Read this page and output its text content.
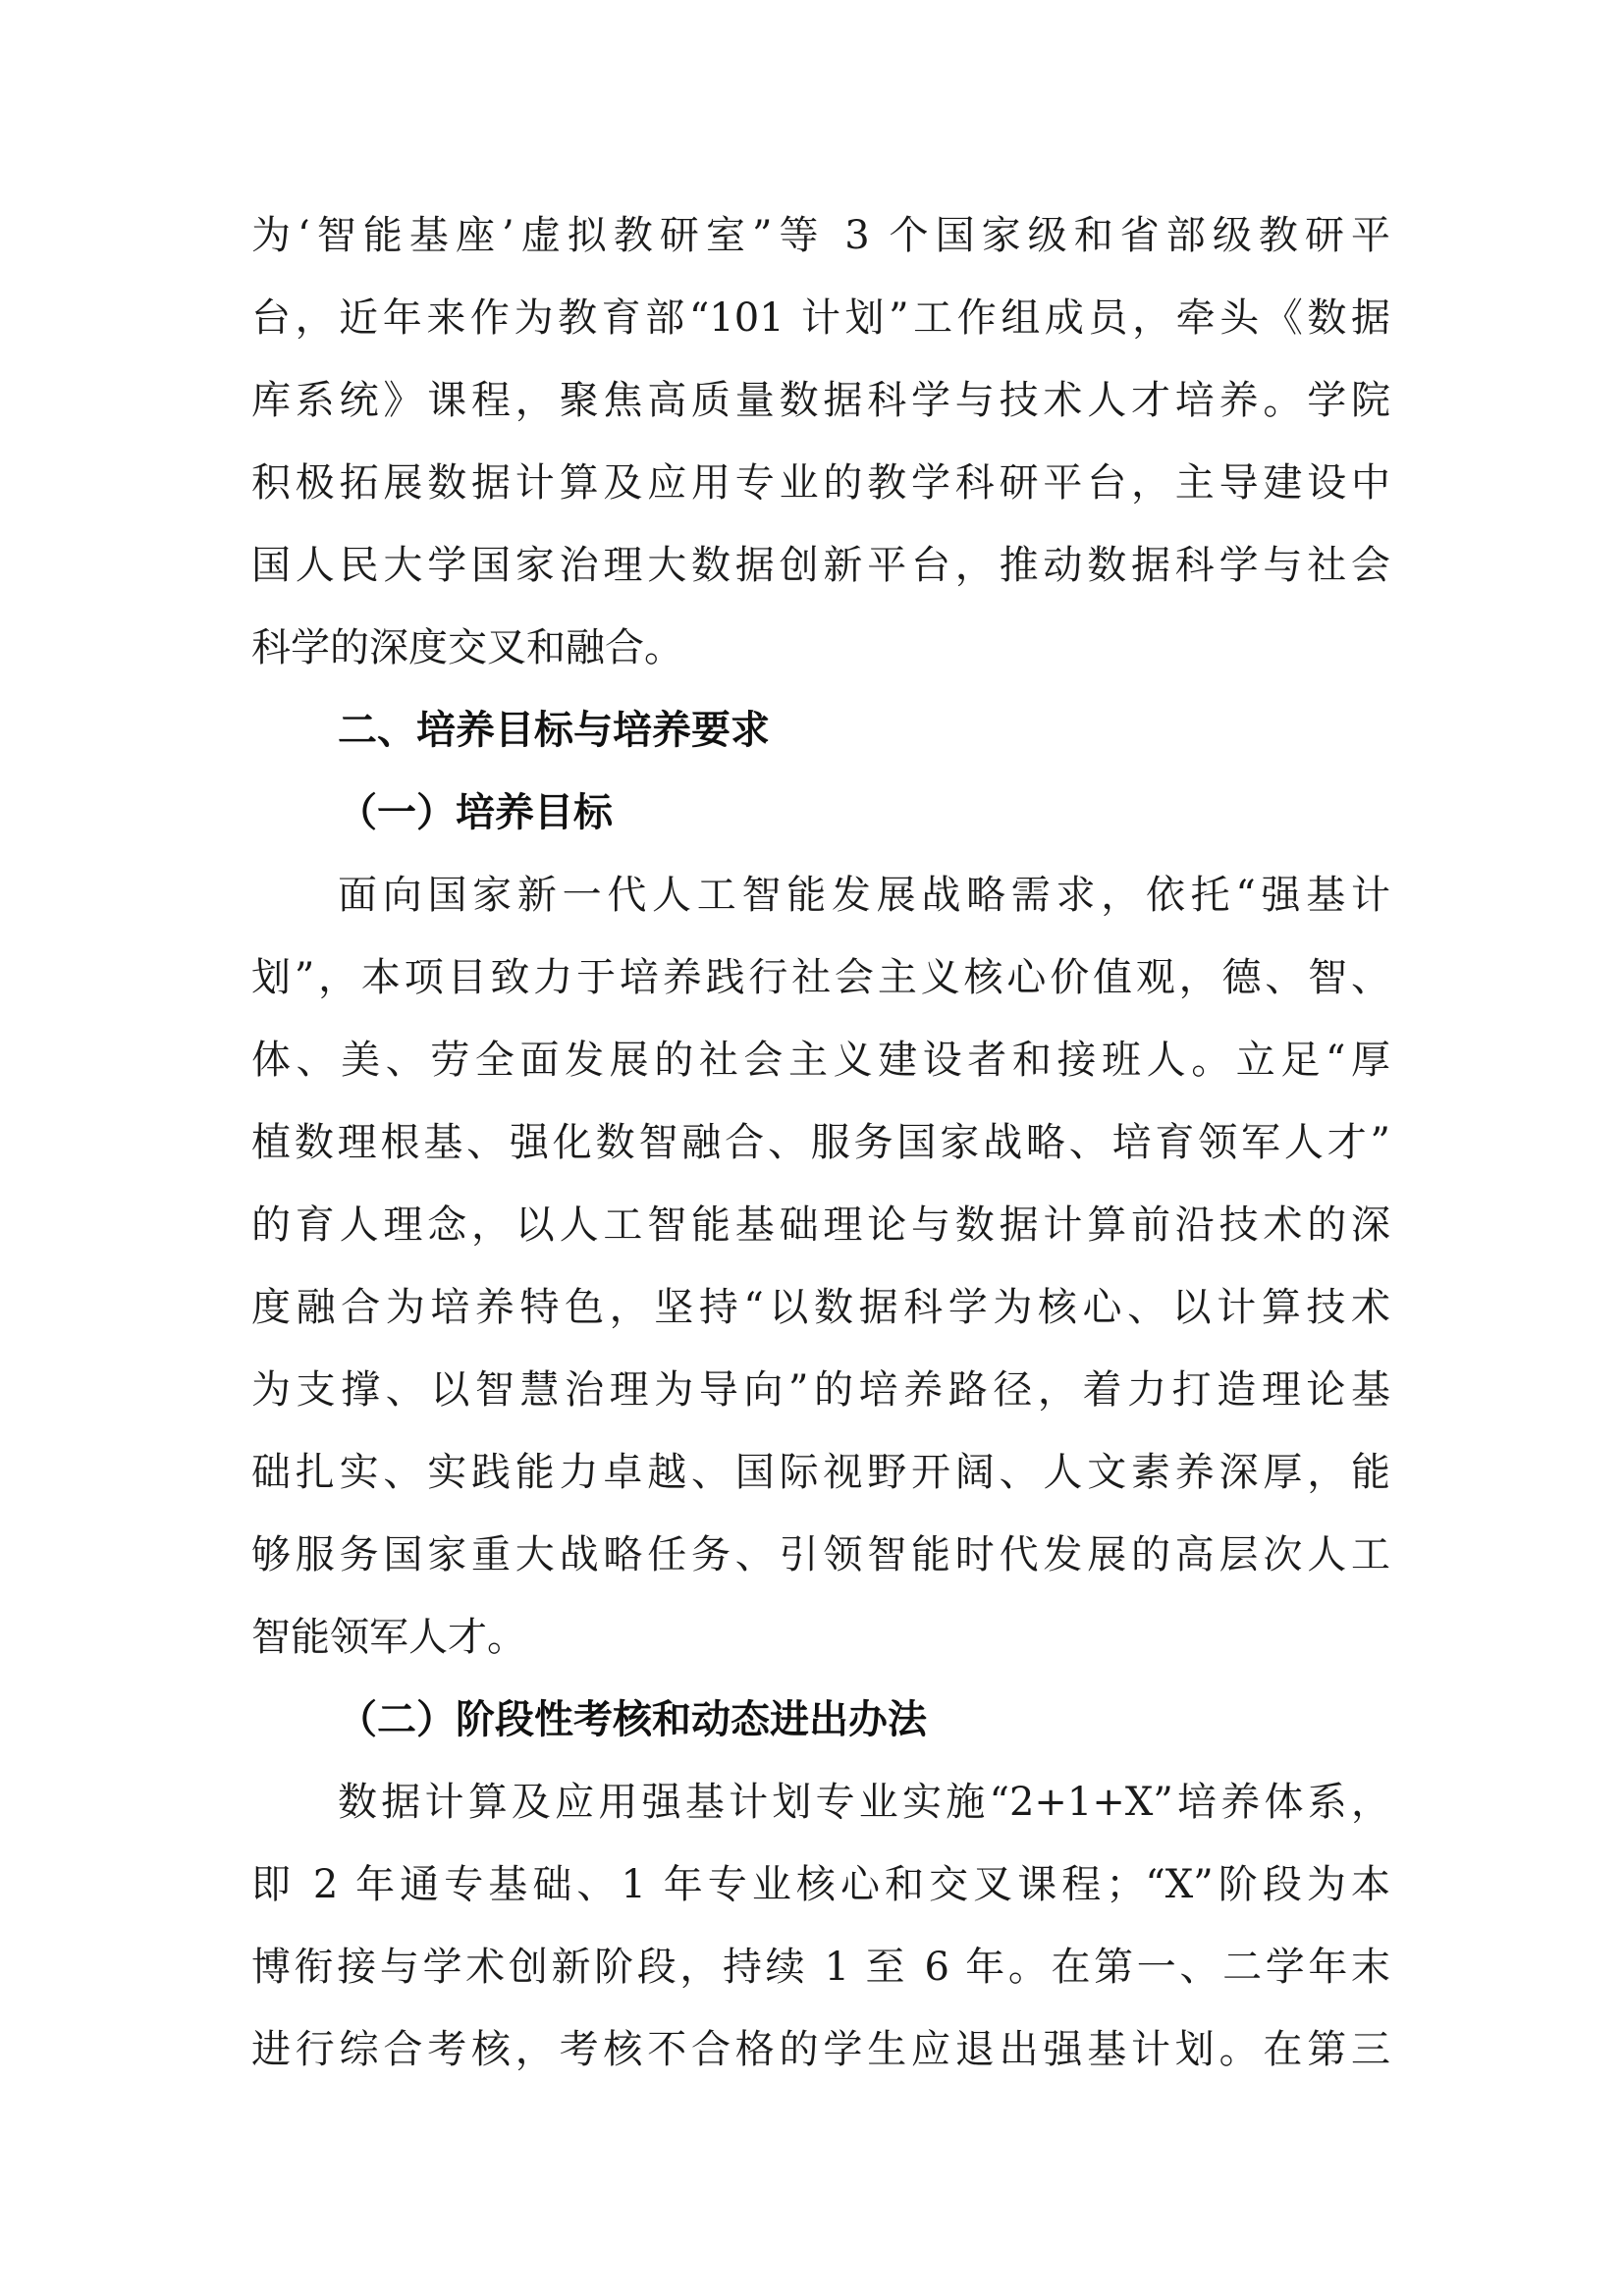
为‘智能基座’虚拟教研室”等 3 个国家级和省部级教研平
台，近年来作为教育部“101 计划”工作组成员，牵头《数据
库系统》课程，聚焦高质量数据科学与技术人才培养。学院
积极拓展数据计算及应用专业的教学科研平台，主导建设中
国人民大学国家治理大数据创新平台，推动数据科学与社会
科学的深度交叉和融合。
二、培养目标与培养要求
（一）培养目标
面向国家新一代人工智能发展战略需求，依托“强基计
划”，本项目致力于培养践行社会主义核心价值观，德、智、
体、美、劳全面发展的社会主义建设者和接班人。立足“厚
植数理根基、强化数智融合、服务国家战略、培育领军人才”
的育人理念，以人工智能基础理论与数据计算前沿技术的深
度融合为培养特色，坚持“以数据科学为核心、以计算技术
为支撑、以智慧治理为导向”的培养路径，着力打造理论基
础扎实、实践能力卓越、国际视野开阔、人文素养深厚，能
够服务国家重大战略任务、引领智能时代发展的高层次人工
智能领军人才。
（二）阶段性考核和动态进出办法
数据计算及应用强基计划专业实施“2+1+X”培养体系，
即 2 年通专基础、1 年专业核心和交叉课程；“X”阶段为本
博衔接与学术创新阶段，持续 1 至 6 年。在第一、二学年末
进行综合考核，考核不合格的学生应退出强基计划。在第三
